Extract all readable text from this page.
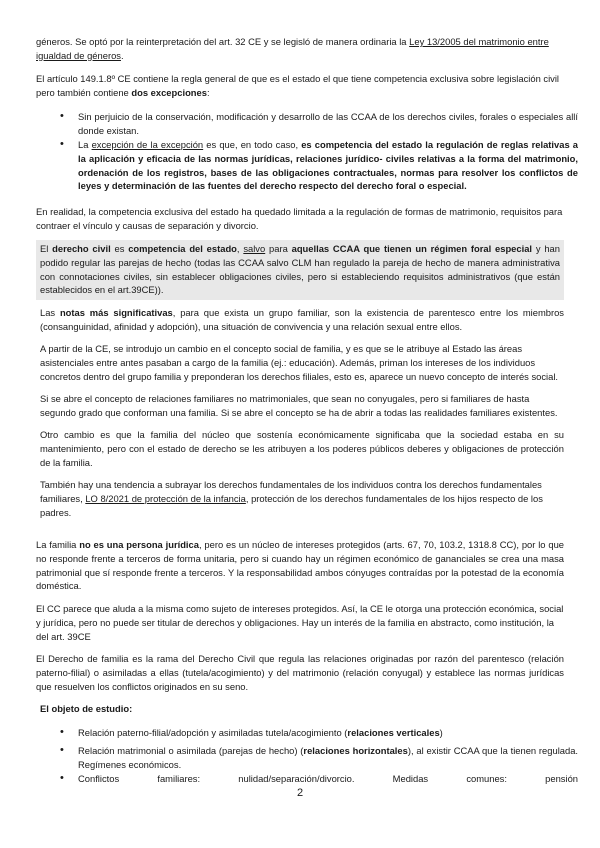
géneros. Se optó por la reinterpretación del art. 32 CE y se legisló de manera ordinaria la Ley 13/2005 del matrimonio entre igualdad de géneros.

El artículo 149.1.8º CE contiene la regla general de que es el estado el que tiene competencia exclusiva sobre legislación civil pero también contiene dos excepciones:

• Sin perjuicio de la conservación, modificación y desarrollo de las CCAA de los derechos civiles, forales o especiales allí donde existan.

• La excepción de la excepción es que, en todo caso, es competencia del estado la regulación de reglas relativas a la aplicación y eficacia de las normas jurídicas, relaciones jurídico- civiles relativas a la forma del matrimonio, ordenación de los registros, bases de las obligaciones contractuales, normas para resolver los conflictos de leyes y determinación de las fuentes del derecho respecto del derecho foral o especial.

En realidad, la competencia exclusiva del estado ha quedado limitada a la regulación de formas de matrimonio, requisitos para contraer el vínculo y causas de separación y divorcio.

El derecho civil es competencia del estado, salvo para aquellas CCAA que tienen un régimen foral especial y han podido regular las parejas de hecho (todas las CCAA salvo CLM han regulado la pareja de hecho de manera administrativa con connotaciones civiles, sin establecer obligaciones civiles, pero si estableciendo requisitos administrativos (que están establecidos en el art.39CE)).

Las notas más significativas, para que exista un grupo familiar, son la existencia de parentesco entre los miembros (consanguinidad, afinidad y adopción), una situación de convivencia y una relación sexual entre ellos.

A partir de la CE, se introdujo un cambio en el concepto social de familia, y es que se le atribuye al Estado las áreas asistenciales entre antes pasaban a cargo de la familia (ej.: educación). Además, priman los intereses de los individuos concretos dentro del grupo familia y preponderan los derechos filiales, esto es, aparece un nuevo concepto de interés social.

Si se abre el concepto de relaciones familiares no matrimoniales, que sean no conyugales, pero si familiares de hasta segundo grado que conforman una familia. Si se abre el concepto se ha de abrir a todas las realidades familiares existentes.

Otro cambio es que la familia del núcleo que sostenía económicamente significaba que la sociedad estaba en su mantenimiento, pero con el estado de derecho se les atribuyen a los poderes públicos deberes y obligaciones de protección de la familia.

También hay una tendencia a subrayar los derechos fundamentales de los individuos contra los derechos fundamentales familiares, LO 8/2021 de protección de la infancia, protección de los derechos fundamentales de los hijos respecto de los padres.

La familia no es una persona jurídica, pero es un núcleo de intereses protegidos (arts. 67, 70, 103.2, 1318.8 CC), por lo que no responde frente a terceros de forma unitaria, pero si cuando hay un régimen económico de gananciales se crea una masa patrimonial que sí responde frente a terceros. Y la responsabilidad ambos cónyuges contraídas por la potestad de la economía doméstica.

El CC parece que aluda a la misma como sujeto de intereses protegidos. Así, la CE le otorga una protección económica, social y jurídica, pero no puede ser titular de derechos y obligaciones. Hay un interés de la familia en abstracto, como institución, la del art. 39CE

El Derecho de familia es la rama del Derecho Civil que regula las relaciones originadas por razón del parentesco (relación paterno-filial) o asimiladas a ellas (tutela/acogimiento) y del matrimonio (relación conyugal) y establece las normas jurídicas que resuelven los conflictos originados en su seno.

El objeto de estudio:

• Relación paterno-filial/adopción y asimiladas tutela/acogimiento (relaciones verticales)

• Relación matrimonial o asimilada (parejas de hecho) (relaciones horizontales), al existir CCAA que la tienen regulada. Regímenes económicos.

• Conflictos familiares: nulidad/separación/divorcio. Medidas comunes: pensión

2
